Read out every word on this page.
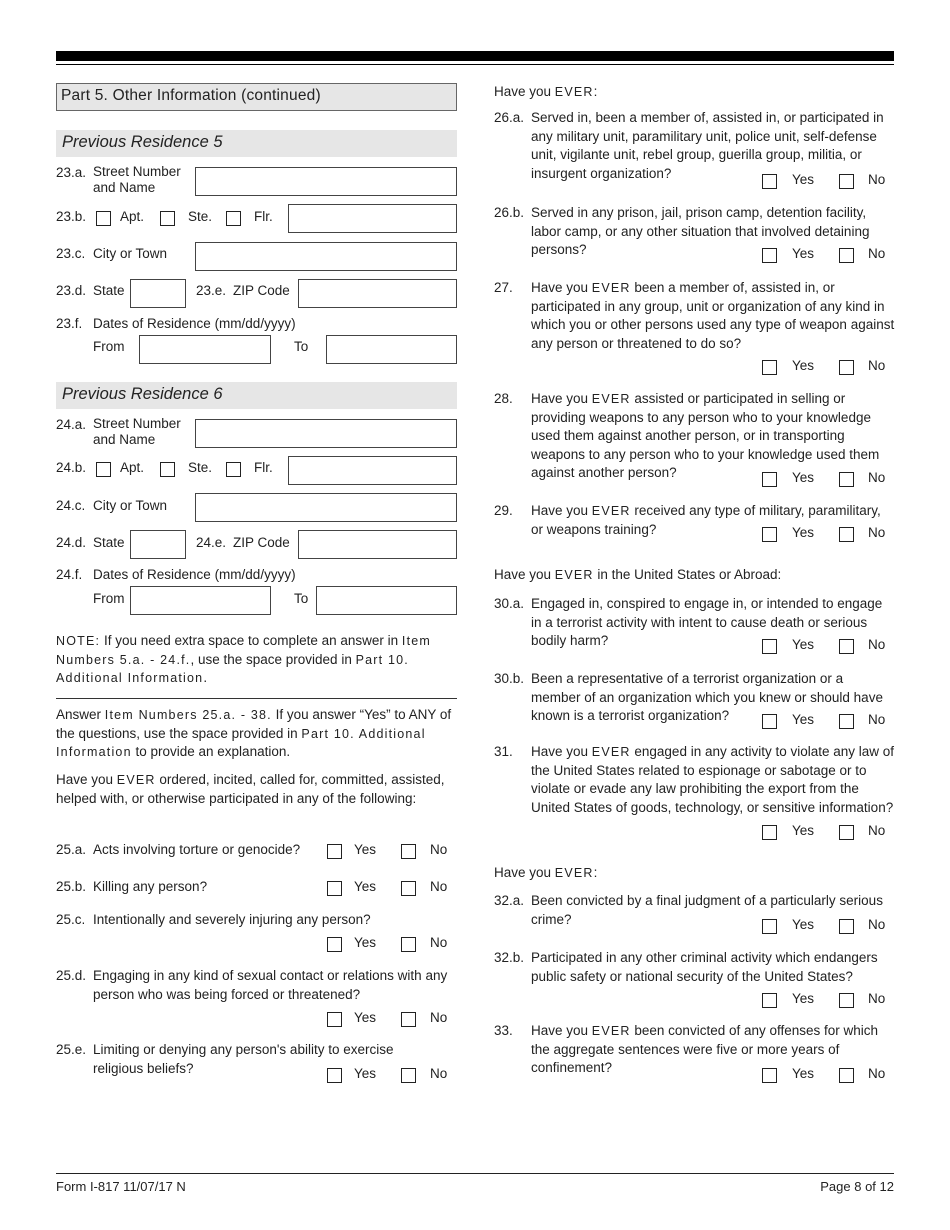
Part 5. Other Information (continued)
Previous Residence 5
23.a. Street Number and Name
23.b.	Apt.	Ste.	Flr.
23.c. City or Town
23.d. State	23.e. ZIP Code
23.f. Dates of Residence (mm/dd/yyyy)
From	To
Previous Residence 6
24.a. Street Number and Name
24.b.	Apt.	Ste.	Flr.
24.c. City or Town
24.d. State	24.e. ZIP Code
24.f. Dates of Residence (mm/dd/yyyy)
From	To
NOTE: If you need extra space to complete an answer in Item Numbers 5.a. - 24.f., use the space provided in Part 10. Additional Information.
Answer Item Numbers 25.a. - 38. If you answer “Yes” to ANY of the questions, use the space provided in Part 10. Additional Information to provide an explanation.
Have you EVER ordered, incited, called for, committed, assisted, helped with, or otherwise participated in any of the following:
25.a. Acts involving torture or genocide?	Yes	No
25.b. Killing any person?	Yes	No
25.c. Intentionally and severely injuring any person?
Yes	No
25.d. Engaging in any kind of sexual contact or relations with any person who was being forced or threatened?
Yes	No
25.e. Limiting or denying any person's ability to exercise religious beliefs?	Yes	No
Have you EVER:
Have you EVER in the United States or Abroad:
Have you EVER:
26.a. Served in, been a member of, assisted in, or participated in any military unit, paramilitary unit, police unit, self-defense unit, vigilante unit, rebel group, guerilla group, militia, or insurgent organization?	Yes	No
26.b. Served in any prison, jail, prison camp, detention facility, labor camp, or any other situation that involved detaining persons?	Yes	No
27. Have you EVER been a member of, assisted in, or participated in any group, unit or organization of any kind in which you or other persons used any type of weapon against any person or threatened to do so?
Yes	No
28. Have you EVER assisted or participated in selling or providing weapons to any person who to your knowledge used them against another person, or in transporting weapons to any person who to your knowledge used them against another person?	Yes	No
29. Have you EVER received any type of military, paramilitary, or weapons training?	Yes	No
30.a. Engaged in, conspired to engage in, or intended to engage in a terrorist activity with intent to cause death or serious bodily harm?	Yes	No
30.b. Been a representative of a terrorist organization or a member of an organization which you knew or should have known is a terrorist organization?	Yes	No
31. Have you EVER engaged in any activity to violate any law of the United States related to espionage or sabotage or to violate or evade any law prohibiting the export from the United States of goods, technology, or sensitive information?
Yes	No
32.a. Been convicted by a final judgment of a particularly serious crime?	Yes	No
32.b. Participated in any other criminal activity which endangers public safety or national security of the United States?
Yes	No
33. Have you EVER been convicted of any offenses for which the aggregate sentences were five or more years of confinement?	Yes	No
Form I-817 11/07/17 N	Page 8 of 12
